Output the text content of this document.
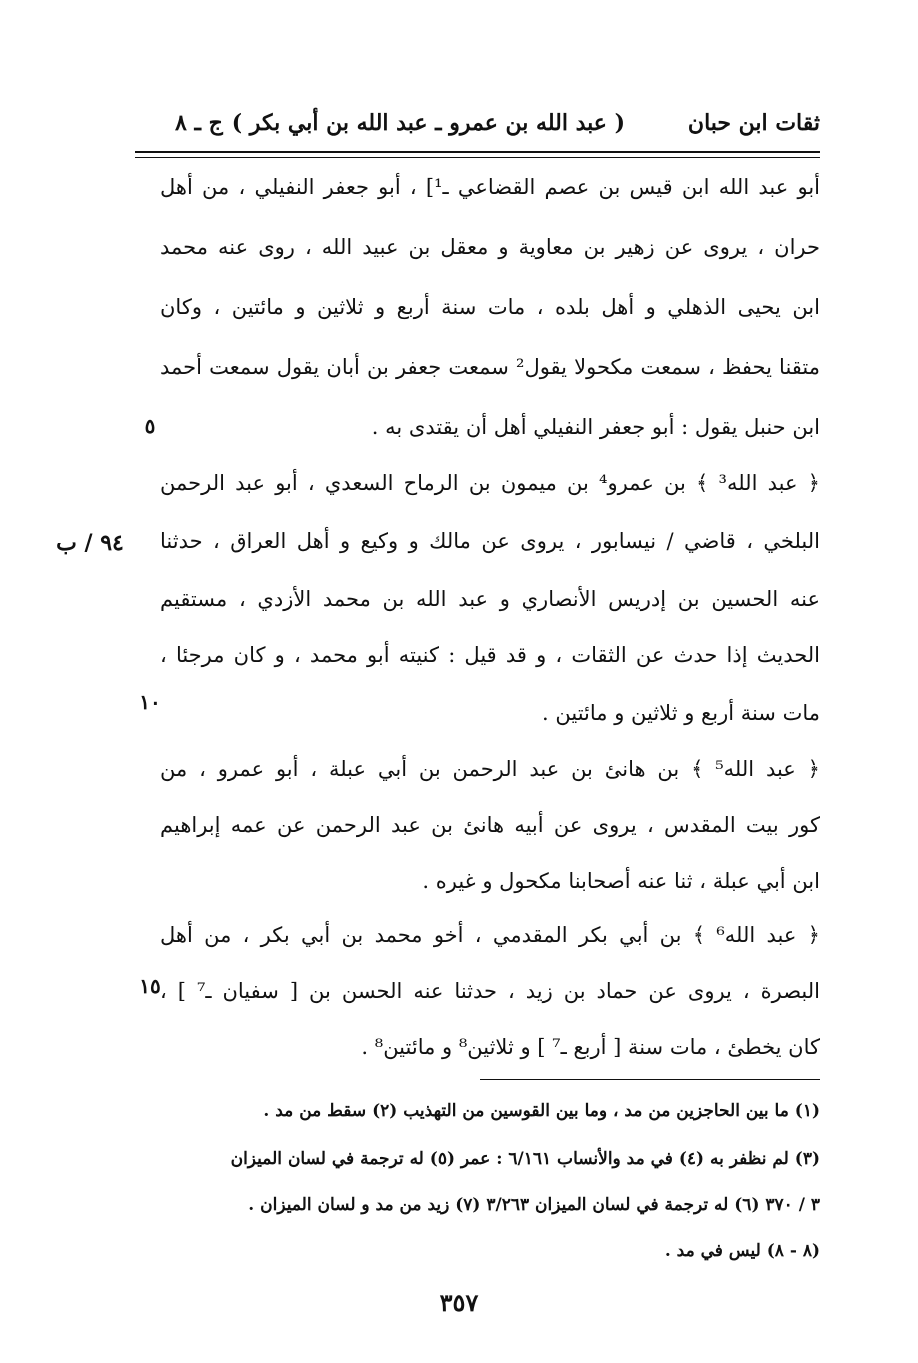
ثقات ابن حبان
( عبد الله بن عمرو ـ عبد الله بن أبي بكر )
ج ـ ٨
أبو عبد الله ابن قيس بن عصم القضاعي ـ¹] ، أبو جعفر النفيلي ، من أهل
حران ، يروى عن زهير بن معاوية و معقل بن عبيد الله ، روى عنه محمد
ابن يحيى الذهلي و أهل بلده ، مات سنة أربع و ثلاثين و مائتين ، وكان
متقنا يحفظ ، سمعت مكحولا يقول² سمعت جعفر بن أبان يقول سمعت أحمد
ابن حنبل يقول : أبو جعفر النفيلي أهل أن يقتدى به .
﴿ عبد الله³ ﴾ بن عمرو⁴ بن ميمون بن الرماح السعدي ، أبو عبد الرحمن
البلخي ، قاضي / نيسابور ، يروى عن مالك و وكيع و أهل العراق ، حدثنا
عنه الحسين بن إدريس الأنصاري و عبد الله بن محمد الأزدي ، مستقيم
الحديث إذا حدث عن الثقات ، و قد قيل : كنيته أبو محمد ، و كان مرجئا ،
مات سنة أربع و ثلاثين و مائتين .
﴿ عبد الله⁵ ﴾ بن هانئ بن عبد الرحمن بن أبي عبلة ، أبو عمرو ، من
كور بيت المقدس ، يروى عن أبيه هانئ بن عبد الرحمن عن عمه إبراهيم
ابن أبي عبلة ، ثنا عنه أصحابنا مكحول و غيره .
﴿ عبد الله⁶ ﴾ بن أبي بكر المقدمي ، أخو محمد بن أبي بكر ، من أهل
البصرة ، يروى عن حماد بن زيد ، حدثنا عنه الحسن بن [ سفيان ـ⁷ ] ،
كان يخطئ ، مات سنة [ أربع ـ⁷ ] و ثلاثين⁸ و مائتين⁸ .
٥
١٠
١٥
٩٤ / ب
(١) ما بين الحاجزين من مد ، وما بين القوسين من التهذيب (٢) سقط من مد .
(٣) لم نظفر به (٤) في مد والأنساب ٦/١٦١ : عمر (٥) له ترجمة في لسان الميزان
٣ / ٣٧٠ (٦) له ترجمة في لسان الميزان ٣/٢٦٣ (٧) زيد من مد و لسان الميزان .
(٨ - ٨) ليس في مد .
٣٥٧
